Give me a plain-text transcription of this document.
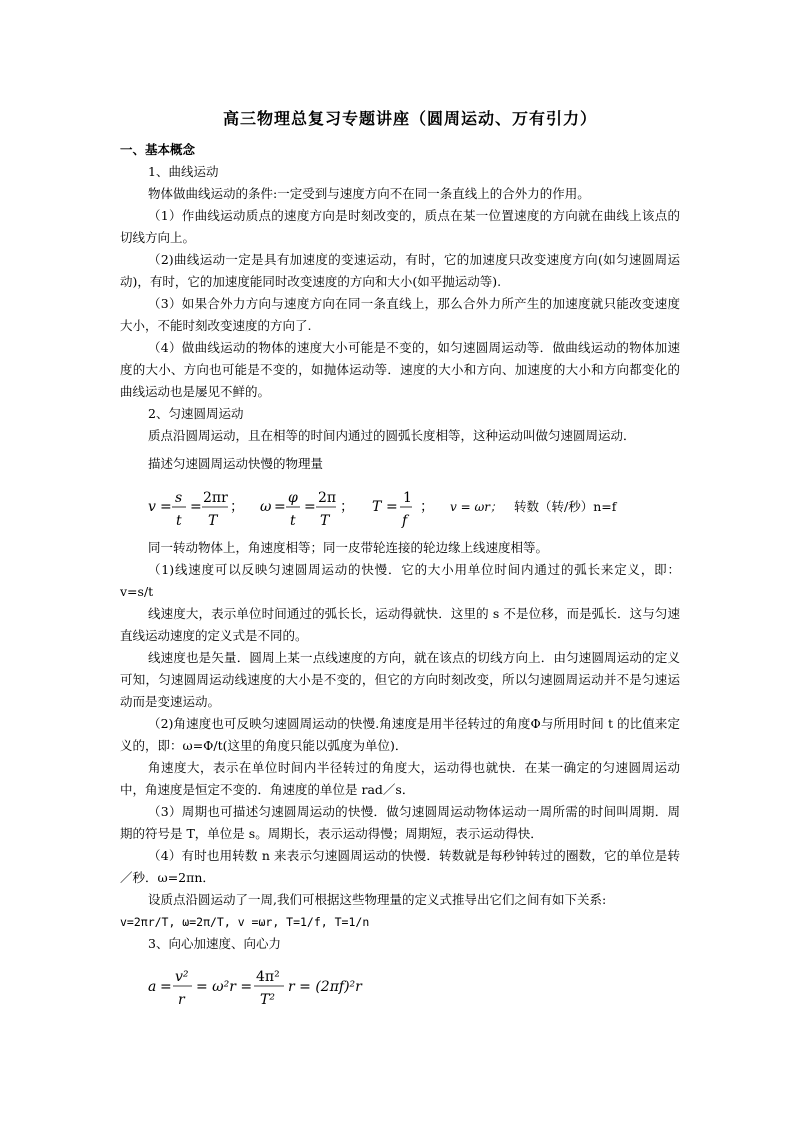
高三物理总复习专题讲座（圆周运动、万有引力）
一、基本概念
1、曲线运动

物体做曲线运动的条件:一定受到与速度方向不在同一条直线上的合外力的作用。

（1）作曲线运动质点的速度方向是时刻改变的，质点在某一位置速度的方向就在曲线上该点的切线方向上。

（2)曲线运动一定是具有加速度的变速运动，有时，它的加速度只改变速度方向(如匀速圆周运动)，有时，它的加速度能同时改变速度的方向和大小(如平抛运动等).

（3）如果合外力方向与速度方向在同一条直线上，那么合外力所产生的加速度就只能改变速度大小，不能时刻改变速度的方向了.

（4）做曲线运动的物体的速度大小可能是不变的，如匀速圆周运动等．做曲线运动的物体加速度的大小、方向也可能是不变的，如抛体运动等．速度的大小和方向、加速度的大小和方向都变化的曲线运动也是屡见不鲜的。

2、匀速圆周运动

质点沿圆周运动，且在相等的时间内通过的圆弧长度相等，这种运动叫做匀速圆周运动．

描述匀速圆周运动快慢的物理量

v =
s
t
=
2πr
T
； ω =
φ
t
=
2π
T
； T =
1
f
； v = ωr； 转数（转/秒）n=f

同一转动物体上，角速度相等；同一皮带轮连接的轮边缘上线速度相等。

（1)线速度可以反映匀速圆周运动的快慢．它的大小用单位时间内通过的弧长来定义，即：v=s/t

线速度大，表示单位时间通过的弧长长，运动得就快．这里的 s 不是位移，而是弧长．这与匀速直线运动速度的定义式是不同的。

线速度也是矢量．圆周上某一点线速度的方向，就在该点的切线方向上．由匀速圆周运动的定义可知，匀速圆周运动线速度的大小是不变的，但它的方向时刻改变，所以匀速圆周运动并不是匀速运动而是变速运动。

（2)角速度也可反映匀速圆周运动的快慢.角速度是用半径转过的角度Φ与所用时间 t 的比值来定义的，即：ω=Φ/t(这里的角度只能以弧度为单位)．

角速度大，表示在单位时间内半径转过的角度大，运动得也就快．在某一确定的匀速圆周运动中，角速度是恒定不变的．角速度的单位是 rad／s．

（3）周期也可描述匀速圆周运动的快慢．做匀速圆周运动物体运动一周所需的时间叫周期．周期的符号是 T，单位是 s。周期长，表示运动得慢；周期短，表示运动得快．

（4）有时也用转数 n 来表示匀速圆周运动的快慢．转数就是每秒钟转过的圈数，它的单位是转／秒．ω=2πn．

设质点沿圆运动了一周,我们可根据这些物理量的定义式推导出它们之间有如下关系:

v=2πr/T, ω=2π/T, v =ωr, T=1/f, T=1/n
3、向心加速度、向心力
a =
v²
r
= ω²r =
4π²
T²
r = (2πf)²r
